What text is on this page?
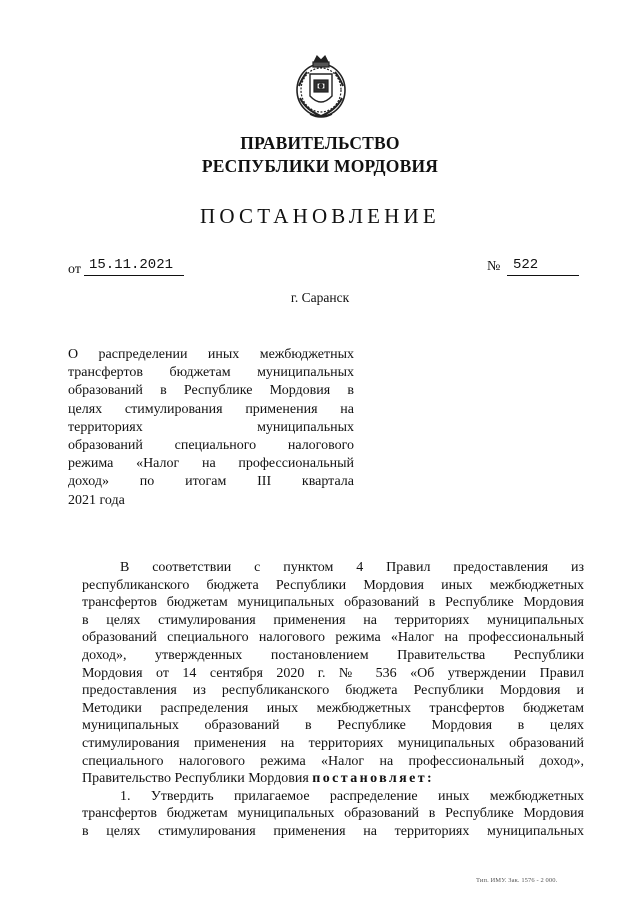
ПРАВИТЕЛЬСТВО
РЕСПУБЛИКИ МОРДОВИЯ
ПОСТАНОВЛЕНИЕ
от 15.11.2021	№ 522
г. Саранск
О распределении иных межбюджетных
трансфертов бюджетам муниципальных
образований в Республике Мордовия в
целях стимулирования применения на
территориях муниципальных
образований специального налогового
режима «Налог на профессиональный
доход» по итогам III квартала
2021 года
В соответствии с пунктом 4 Правил предоставления из
республиканского бюджета Республики Мордовия иных межбюджетных
трансфертов бюджетам муниципальных образований в Республике Мордовия
в целях стимулирования применения на территориях муниципальных
образований специального налогового режима «Налог на профессиональный
доход», утвержденных постановлением Правительства Республики
Мордовия от 14 сентября 2020 г. № 536 «Об утверждении Правил
предоставления из республиканского бюджета Республики Мордовия и
Методики распределения иных межбюджетных трансфертов бюджетам
муниципальных образований в Республике Мордовия в целях
стимулирования применения на территориях муниципальных образований
специального налогового режима «Налог на профессиональный доход»,
Правительство Республики Мордовия постановляет:
1. Утвердить прилагаемое распределение иных межбюджетных
трансфертов бюджетам муниципальных образований в Республике Мордовия
в целях стимулирования применения на территориях муниципальных
Тип. ИМУ. Зак. 1576 - 2 000.
